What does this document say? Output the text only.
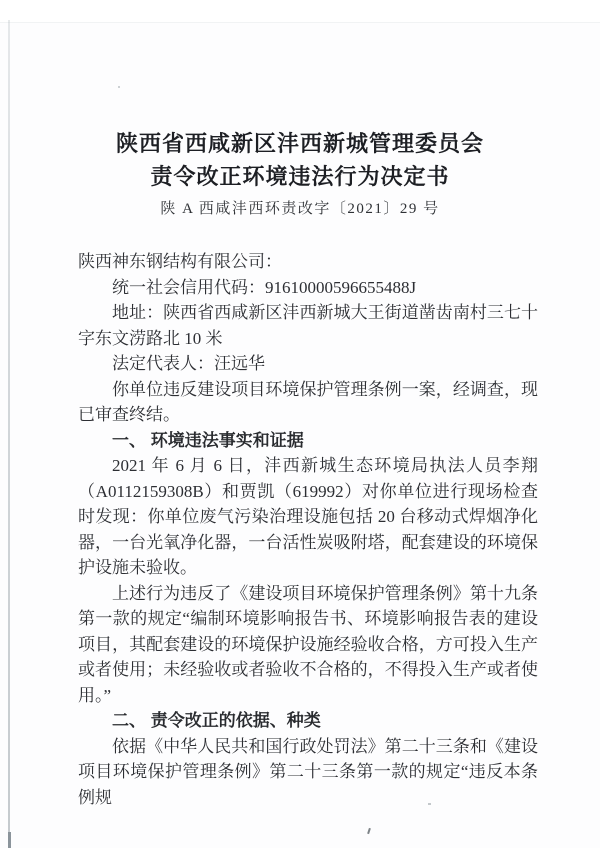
陕西省西咸新区沣西新城管理委员会
责令改正环境违法行为决定书
陕 A 西咸沣西环责改字〔2021〕29 号

陕西神东钢结构有限公司：

统一社会信用代码：91610000596655488J

地址：陕西省西咸新区沣西新城大王街道凿齿南村三七十字东文涝路北 10 米

法定代表人：汪远华

你单位违反建设项目环境保护管理条例一案，经调查，现已审查终结。

一、 环境违法事实和证据

2021 年 6 月 6 日，沣西新城生态环境局执法人员李翔（A0112159308B）和贾凯（619992）对你单位进行现场检查时发现：你单位废气污染治理设施包括 20 台移动式焊烟净化器，一台光氧净化器，一台活性炭吸附塔，配套建设的环境保护设施未验收。

上述行为违反了《建设项目环境保护管理条例》第十九条第一款的规定“编制环境影响报告书、环境影响报告表的建设项目，其配套建设的环境保护设施经验收合格，方可投入生产或者使用；未经验收或者验收不合格的，不得投入生产或者使用。”

二、 责令改正的依据、种类

依据《中华人民共和国行政处罚法》第二十三条和《建设项目环境保护管理条例》第二十三条第一款的规定“违反本条例规
